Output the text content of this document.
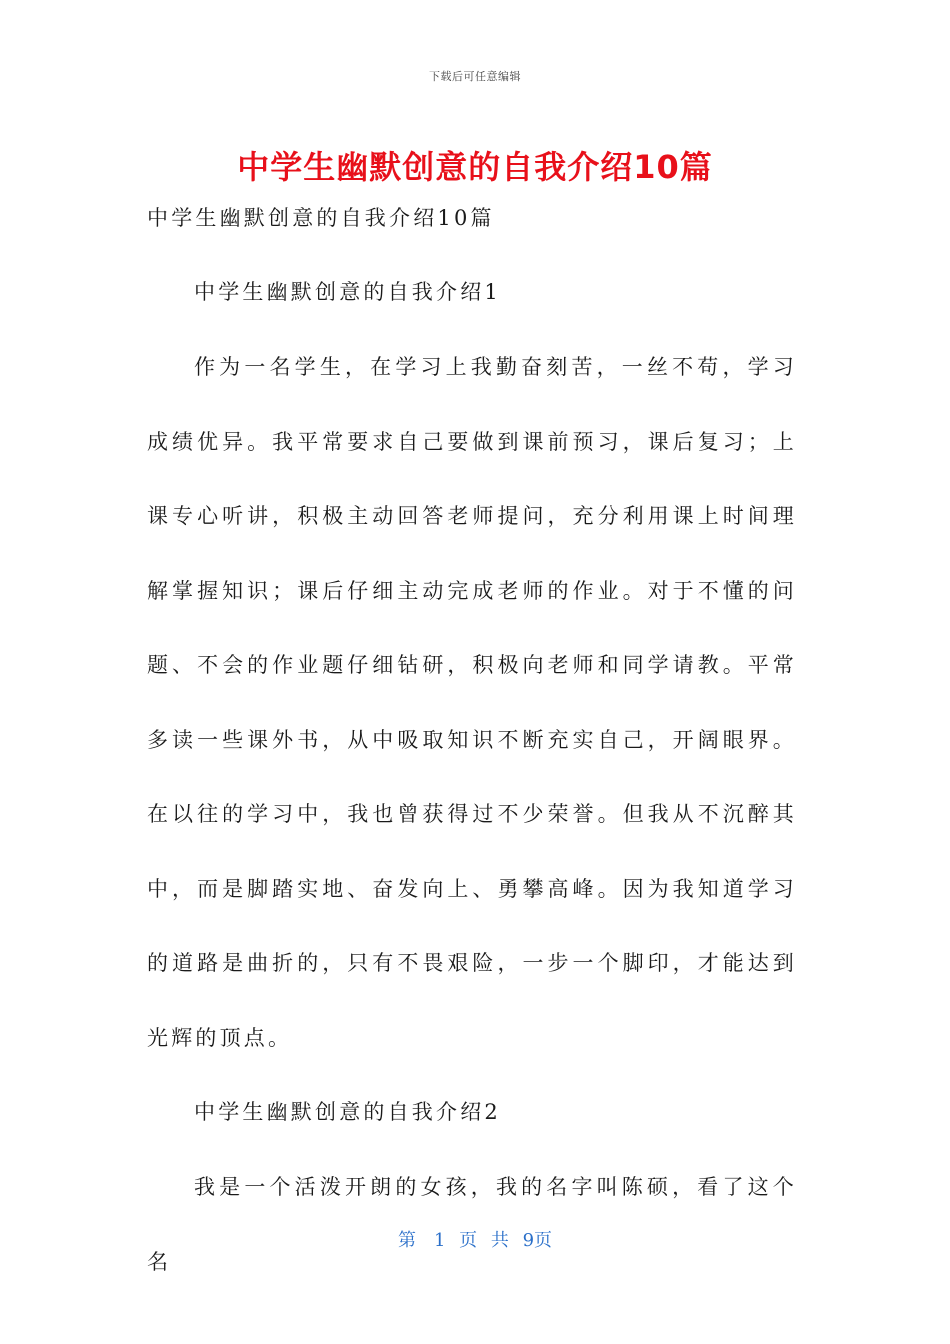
下载后可任意编辑
中学生幽默创意的自我介绍10篇
中学生幽默创意的自我介绍10篇
中学生幽默创意的自我介绍1

作为一名学生，在学习上我勤奋刻苦，一丝不苟，学习成绩优异。我平常要求自己要做到课前预习，课后复习；上课专心听讲，积极主动回答老师提问，充分利用课上时间理解掌握知识；课后仔细主动完成老师的作业。对于不懂的问题、不会的作业题仔细钻研，积极向老师和同学请教。平常多读一些课外书，从中吸取知识不断充实自己，开阔眼界。在以往的学习中，我也曾获得过不少荣誉。但我从不沉醉其中，而是脚踏实地、奋发向上、勇攀高峰。因为我知道学习的道路是曲折的，只有不畏艰险，一步一个脚印，才能达到光辉的顶点。

中学生幽默创意的自我介绍2

我是一个活泼开朗的女孩，我的名字叫陈硕，看了这个名

第　1 页 共 9页
